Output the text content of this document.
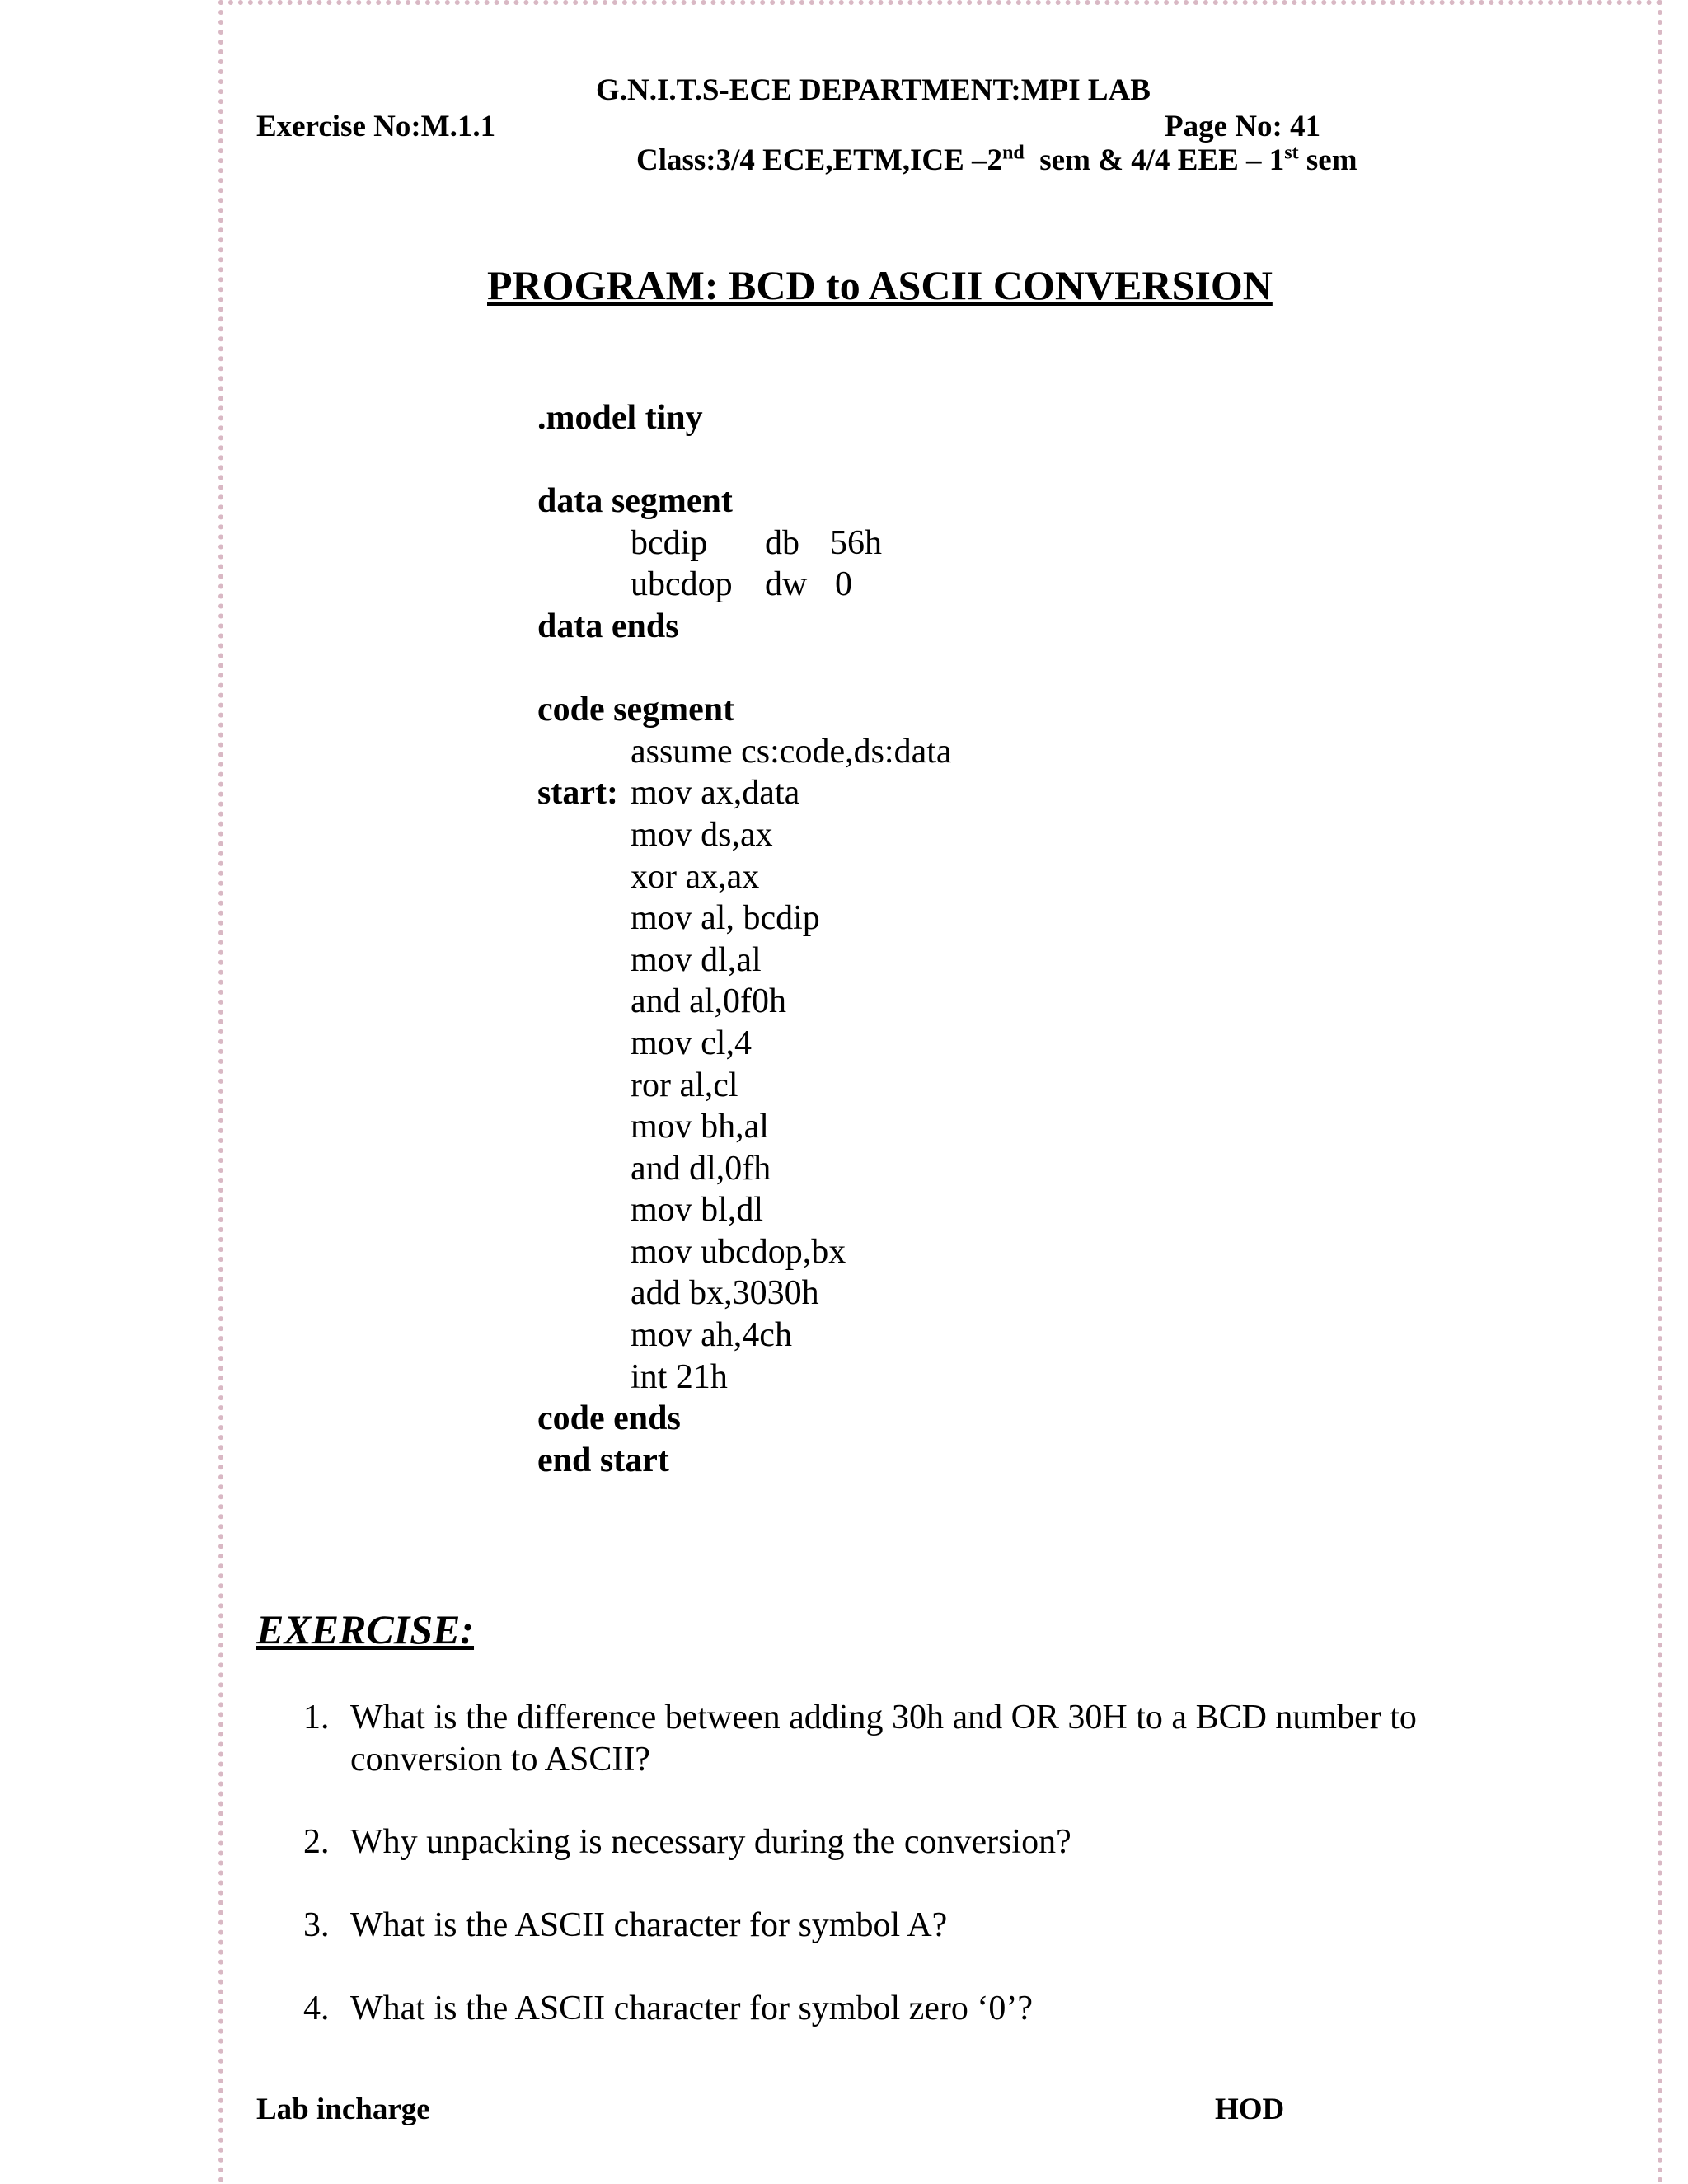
G.N.I.T.S-ECE DEPARTMENT:MPI LAB
Exercise No:M.1.1	Page No: 41
Class:3/4 ECE,ETM,ICE –2nd  sem & 4/4 EEE – 1st sem
PROGRAM: BCD to ASCII CONVERSION
.model tiny
data segment
bcdip db 56h
ubcdop dw 0
data ends
code segment
assume cs:code,ds:data
start: mov ax,data
mov ds,ax
xor ax,ax
mov al, bcdip
mov dl,al
and al,0f0h
mov cl,4
ror al,cl
mov bh,al
and dl,0fh
mov bl,dl
mov ubcdop,bx
add bx,3030h
mov ah,4ch
int 21h
code ends
end start
EXERCISE:
1. What is the difference between adding 30h and OR 30H to a BCD number to conversion to ASCII?
2. Why unpacking is necessary during the conversion?
3. What is the ASCII character for symbol A?
4. What is the ASCII character for symbol zero ‘0’?
Lab incharge	HOD
